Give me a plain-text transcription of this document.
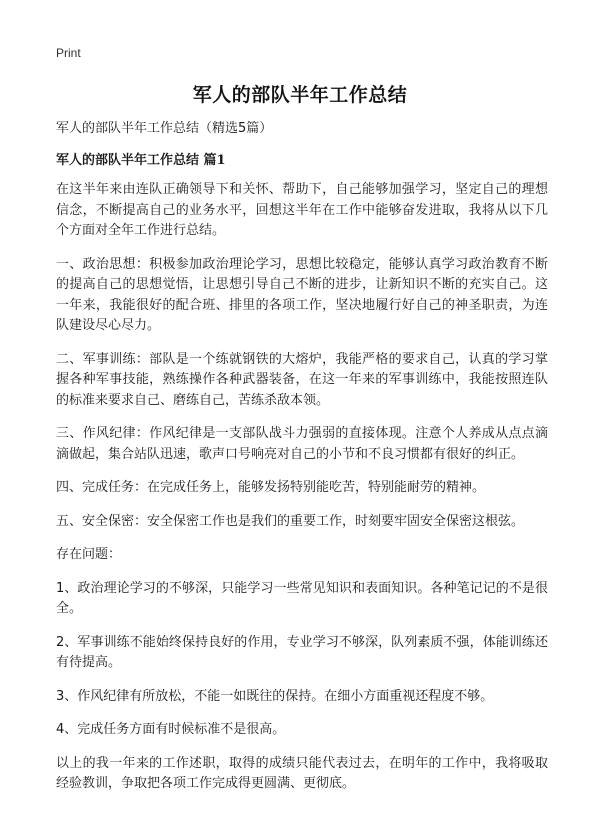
Print
军人的部队半年工作总结

军人的部队半年工作总结（精选5篇）

军人的部队半年工作总结 篇1

在这半年来由连队正确领导下和关怀、帮助下，自己能够加强学习，坚定自己的理想信念，不断提高自己的业务水平，回想这半年在工作中能够奋发进取，我将从以下几个方面对全年工作进行总结。

一、政治思想：积极参加政治理论学习，思想比较稳定，能够认真学习政治教育不断的提高自己的思想觉悟，让思想引导自己不断的进步，让新知识不断的充实自己。这一年来，我能很好的配合班、排里的各项工作，坚决地履行好自己的神圣职责，为连队建设尽心尽力。

二、军事训练：部队是一个练就钢铁的大熔炉，我能严格的要求自己，认真的学习掌握各种军事技能，熟练操作各种武器装备，在这一年来的军事训练中，我能按照连队的标准来要求自己、磨练自己，苦练杀敌本领。

三、作风纪律：作风纪律是一支部队战斗力强弱的直接体现。注意个人养成从点点滴滴做起，集合站队迅速，歌声口号响亮对自己的小节和不良习惯都有很好的纠正。

四、完成任务：在完成任务上，能够发扬特别能吃苦，特别能耐劳的精神。

五、安全保密：安全保密工作也是我们的重要工作，时刻要牢固安全保密这根弦。

存在问题：

1、政治理论学习的不够深，只能学习一些常见知识和表面知识。各种笔记记的不是很全。

2、军事训练不能始终保持良好的作用，专业学习不够深，队列素质不强，体能训练还有待提高。

3、作风纪律有所放松，不能一如既往的保持。在细小方面重视还程度不够。

4、完成任务方面有时候标准不是很高。

以上的我一年来的工作述职，取得的成绩只能代表过去，在明年的工作中，我将吸取经验教训，争取把各项工作完成得更圆满、更彻底。
